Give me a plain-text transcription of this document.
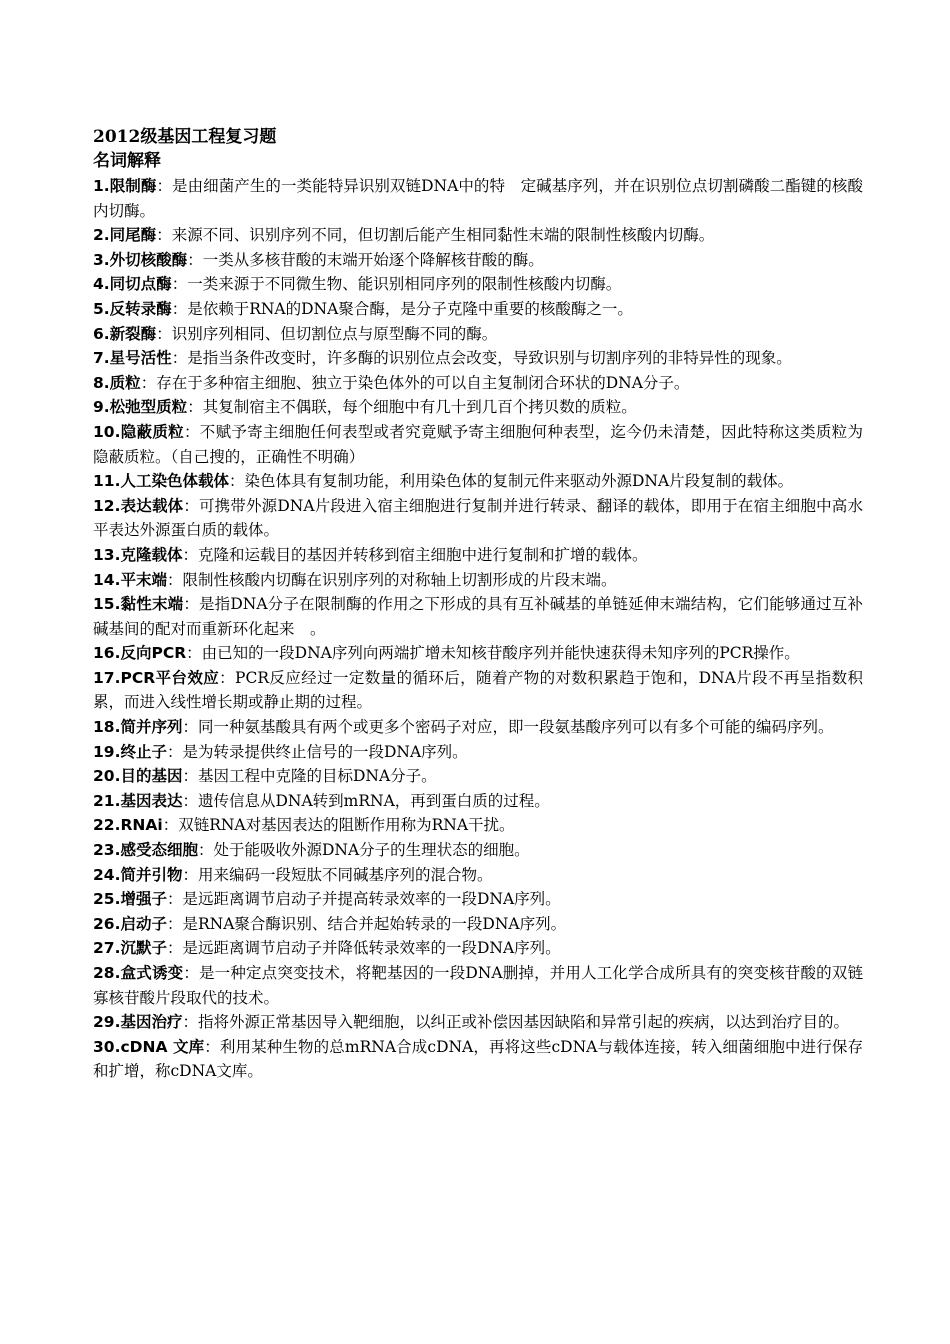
2012级基因工程复习题
名词解释
1.限制酶：是由细菌产生的一类能特异识别双链DNA中的特　定碱基序列，并在识别位点切割磷酸二酯键的核酸内切酶。
2.同尾酶：来源不同、识别序列不同，但切割后能产生相同黏性末端的限制性核酸内切酶。
3.外切核酸酶：一类从多核苷酸的末端开始逐个降解核苷酸的酶。
4.同切点酶：一类来源于不同微生物、能识别相同序列的限制性核酸内切酶。
5.反转录酶：是依赖于RNA的DNA聚合酶，是分子克隆中重要的核酸酶之一。
6.新裂酶：识别序列相同、但切割位点与原型酶不同的酶。
7.星号活性：是指当条件改变时，许多酶的识别位点会改变，导致识别与切割序列的非特异性的现象。
8.质粒：存在于多种宿主细胞、独立于染色体外的可以自主复制闭合环状的DNA分子。
9.松弛型质粒：其复制宿主不偶联，每个细胞中有几十到几百个拷贝数的质粒。
10.隐蔽质粒：不赋予寄主细胞任何表型或者究竟赋予寄主细胞何种表型，迄今仍未清楚，因此特称这类质粒为隐蔽质粒。（自己搜的，正确性不明确）
11.人工染色体载体：染色体具有复制功能，利用染色体的复制元件来驱动外源DNA片段复制的载体。
12.表达载体：可携带外源DNA片段进入宿主细胞进行复制并进行转录、翻译的载体，即用于在宿主细胞中高水平表达外源蛋白质的载体。
13.克隆载体：克隆和运载目的基因并转移到宿主细胞中进行复制和扩增的载体。
14.平末端：限制性核酸内切酶在识别序列的对称轴上切割形成的片段末端。
15.黏性末端：是指DNA分子在限制酶的作用之下形成的具有互补碱基的单链延伸末端结构，它们能够通过互补碱基间的配对而重新环化起来　。
16.反向PCR：由已知的一段DNA序列向两端扩增未知核苷酸序列并能快速获得未知序列的PCR操作。
17.PCR平台效应：PCR反应经过一定数量的循环后，随着产物的对数积累趋于饱和，DNA片段不再呈指数积累，而进入线性增长期或静止期的过程。
18.简并序列：同一种氨基酸具有两个或更多个密码子对应，即一段氨基酸序列可以有多个可能的编码序列。
19.终止子：是为转录提供终止信号的一段DNA序列。
20.目的基因：基因工程中克隆的目标DNA分子。
21.基因表达：遗传信息从DNA转到mRNA，再到蛋白质的过程。
22.RNAi：双链RNA对基因表达的阻断作用称为RNA干扰。
23.感受态细胞：处于能吸收外源DNA分子的生理状态的细胞。
24.简并引物：用来编码一段短肽不同碱基序列的混合物。
25.增强子：是远距离调节启动子并提高转录效率的一段DNA序列。
26.启动子：是RNA聚合酶识别、结合并起始转录的一段DNA序列。
27.沉默子：是远距离调节启动子并降低转录效率的一段DNA序列。
28.盒式诱变：是一种定点突变技术，将靶基因的一段DNA删掉，并用人工化学合成所具有的突变核苷酸的双链寡核苷酸片段取代的技术。
29.基因治疗：指将外源正常基因导入靶细胞，以纠正或补偿因基因缺陷和异常引起的疾病，以达到治疗目的。
30.cDNA 文库：利用某种生物的总mRNA合成cDNA，再将这些cDNA与载体连接，转入细菌细胞中进行保存和扩增，称cDNA文库。
